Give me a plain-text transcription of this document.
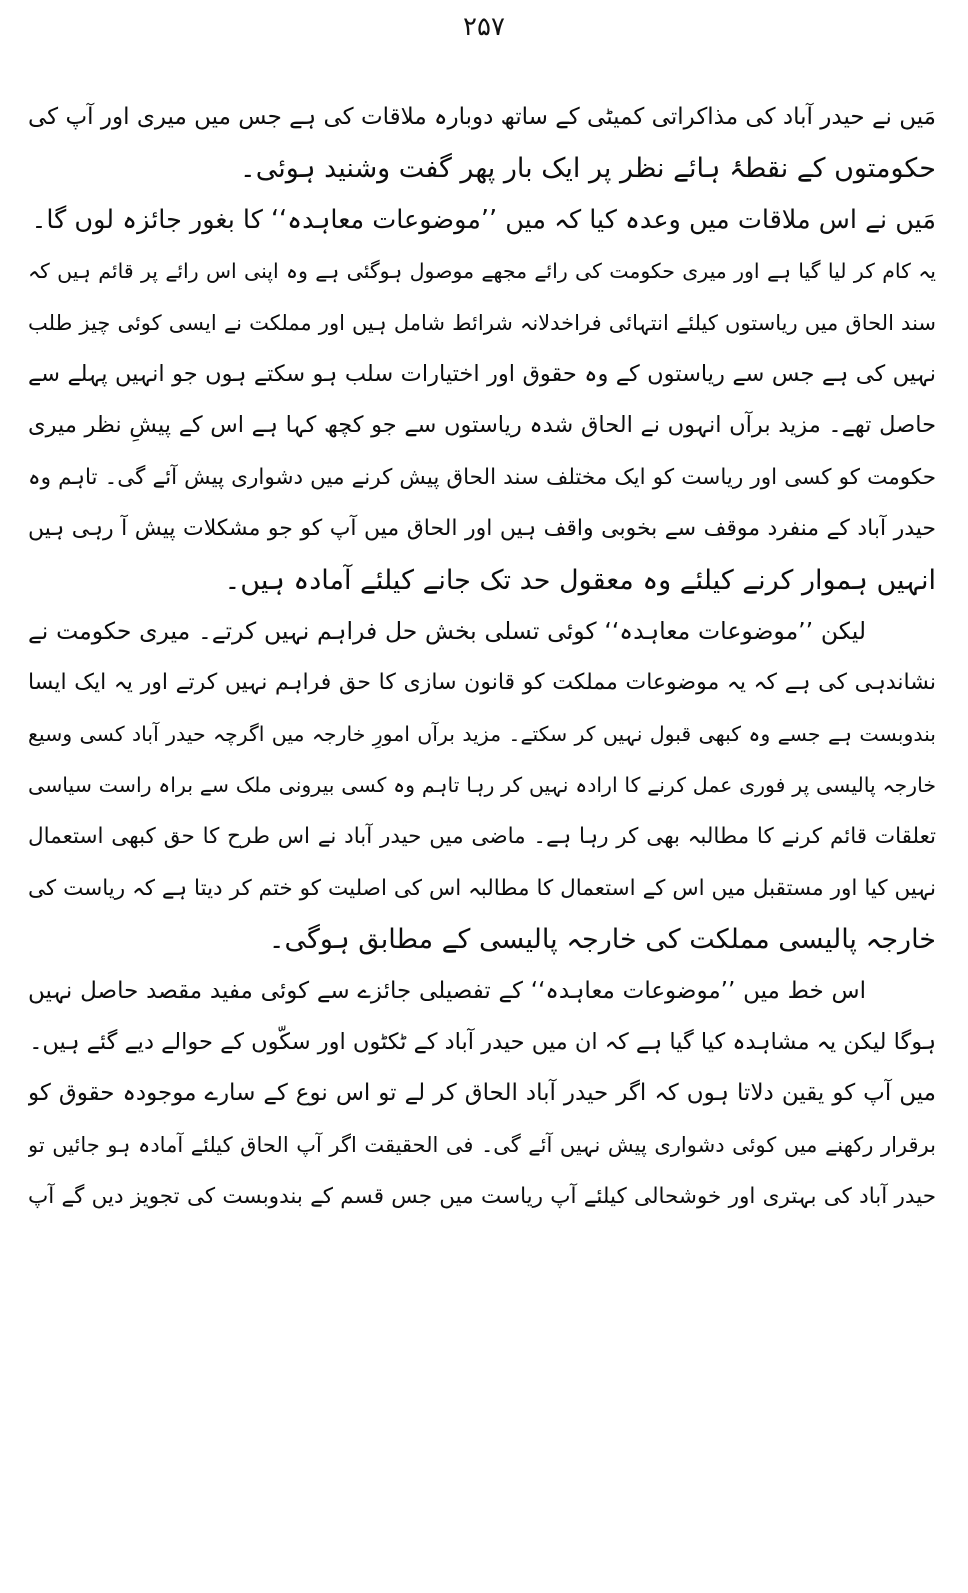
۲۵۷
مَیں نے حیدر آباد کی مذاکراتی کمیٹی کے ساتھ دوبارہ ملاقات کی ہے جس میں میری اور آپ کی
حکومتوں کے نقطۂ ہائے نظر پر ایک بار پھر گفت وشنید ہوئی۔
مَیں نے اس ملاقات میں وعدہ کیا کہ میں ’’موضوعات معاہدہ‘‘ کا بغور جائزہ لوں گا۔
یہ کام کر لیا گیا ہے اور میری حکومت کی رائے مجھے موصول ہوگئی ہے وہ اپنی اس رائے پر قائم ہیں کہ
سند الحاق میں ریاستوں کیلئے انتہائی فراخدلانہ شرائط شامل ہیں اور مملکت نے ایسی کوئی چیز طلب
نہیں کی ہے جس سے ریاستوں کے وہ حقوق اور اختیارات سلب ہو سکتے ہوں جو انہیں پہلے سے
حاصل تھے۔ مزید برآں انہوں نے الحاق شدہ ریاستوں سے جو کچھ کہا ہے اس کے پیشِ نظر میری
حکومت کو کسی اور ریاست کو ایک مختلف سند الحاق پیش کرنے میں دشواری پیش آئے گی۔ تاہم وہ
حیدر آباد کے منفرد موقف سے بخوبی واقف ہیں اور الحاق میں آپ کو جو مشکلات پیش آ رہی ہیں
انہیں ہموار کرنے کیلئے وہ معقول حد تک جانے کیلئے آمادہ ہیں۔
لیکن ’’موضوعات معاہدہ‘‘ کوئی تسلی بخش حل فراہم نہیں کرتے۔ میری حکومت نے
نشاندہی کی ہے کہ یہ موضوعات مملکت کو قانون سازی کا حق فراہم نہیں کرتے اور یہ ایک ایسا
بندوبست ہے جسے وہ کبھی قبول نہیں کر سکتے۔ مزید برآں امورِ خارجہ میں اگرچہ حیدر آباد کسی وسیع
خارجہ پالیسی پر فوری عمل کرنے کا ارادہ نہیں کر رہا تاہم وہ کسی بیرونی ملک سے براہ راست سیاسی
تعلقات قائم کرنے کا مطالبہ بھی کر رہا ہے۔ ماضی میں حیدر آباد نے اس طرح کا حق کبھی استعمال
نہیں کیا اور مستقبل میں اس کے استعمال کا مطالبہ اس کی اصلیت کو ختم کر دیتا ہے کہ ریاست کی
خارجہ پالیسی مملکت کی خارجہ پالیسی کے مطابق ہوگی۔
اس خط میں ’’موضوعات معاہدہ‘‘ کے تفصیلی جائزے سے کوئی مفید مقصد حاصل نہیں
ہوگا لیکن یہ مشاہدہ کیا گیا ہے کہ ان میں حیدر آباد کے ٹکٹوں اور سکّوں کے حوالے دیے گئے ہیں۔
میں آپ کو یقین دلاتا ہوں کہ اگر حیدر آباد الحاق کر لے تو اس نوع کے سارے موجودہ حقوق کو
برقرار رکھنے میں کوئی دشواری پیش نہیں آئے گی۔ فی الحقیقت اگر آپ الحاق کیلئے آمادہ ہو جائیں تو
حیدر آباد کی بہتری اور خوشحالی کیلئے آپ ریاست میں جس قسم کے بندوبست کی تجویز دیں گے آپ
